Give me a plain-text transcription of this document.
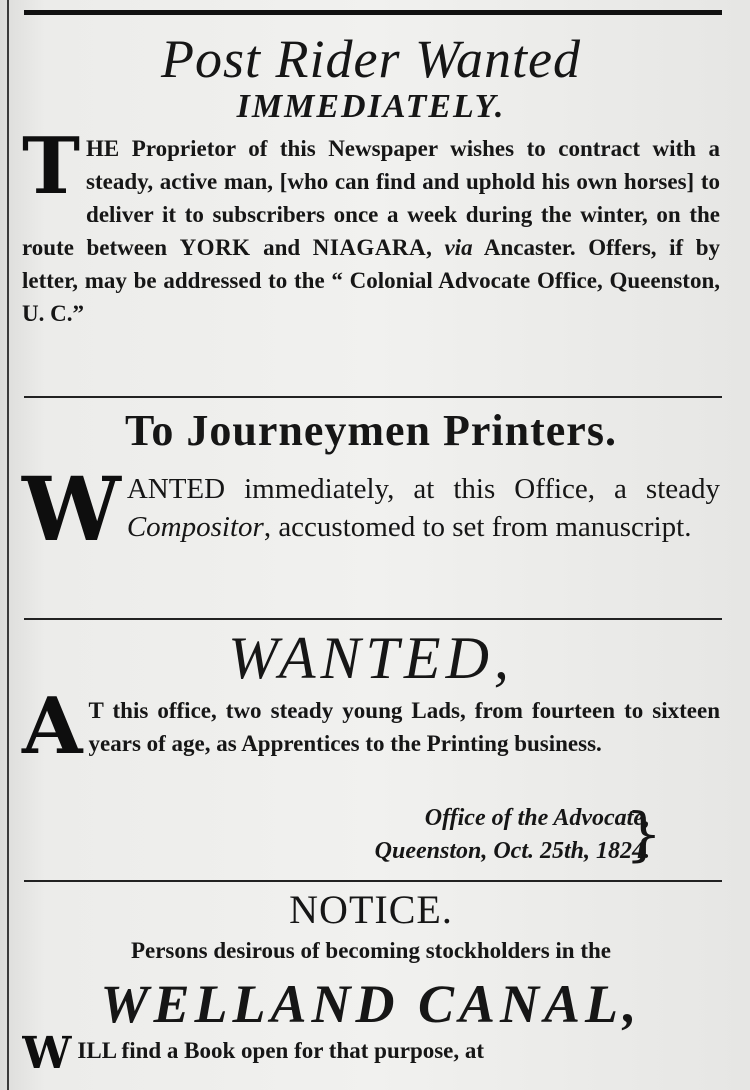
Post Rider Wanted
IMMEDIATELY.
THE Proprietor of this Newspaper wishes to contract with a steady, active man, [who can find and uphold his own horses] to deliver it to subscribers once a week during the winter, on the route between YORK and NIAGARA, via Ancaster. Offers, if by letter, may be addressed to the “ Colonial Advocate Office, Queenston, U. C.”
To Journeymen Printers.
WANTED immediately, at this Office, a steady Compositor, accustomed to set from manuscript.
WANTED,
A T this office, two steady young Lads, from fourteen to sixteen years of age, as Apprentices to the Printing business.
Office of the Advocate,
Queenston, Oct. 25th, 1824.
}
NOTICE.
Persons desirous of becoming stockholders in the
WELLAND CANAL,
WILL find a Book open for that purpose, at
